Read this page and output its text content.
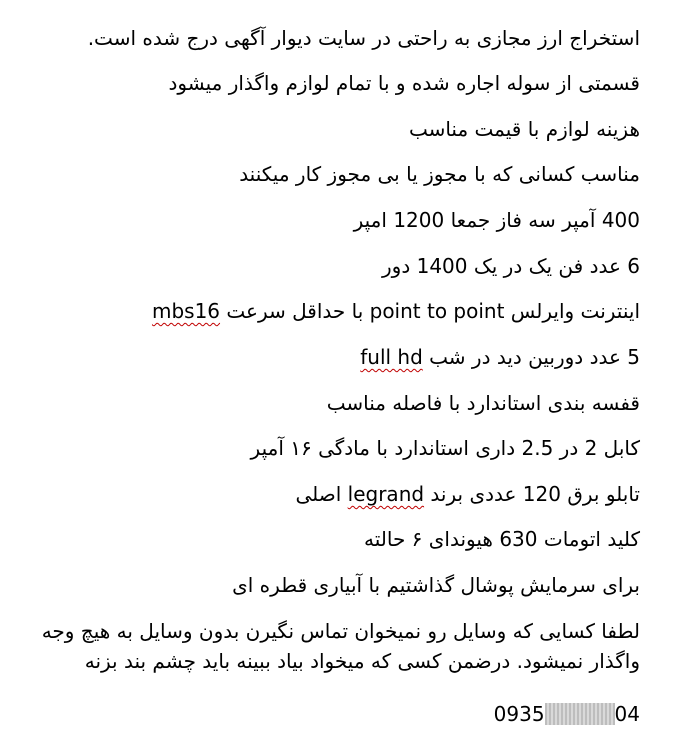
استخراج ارز مجازی به راحتی در سایت دیوار آگهی درج شده است.
قسمتی از سوله اجاره شده و با تمام لوازم واگذار میشود
هزینه لوازم با قیمت مناسب
مناسب کسانی که با مجوز یا بی مجوز کار میکنند
400 آمپر سه فاز جمعا 1200 امپر
6 عدد فن یک در یک 1400 دور
اینترنت وایرلس point to point با حداقل سرعت mbs16
5 عدد دوربین دید در شب full hd
قفسه بندی استاندارد با فاصله مناسب
کابل 2 در 2.5 داری استاندارد با مادگی ۱۶ آمپر
تابلو برق 120 عددی برند legrand اصلی
کلید اتومات 630 هیوندای ۶ حالته
برای سرمایش پوشال گذاشتیم با آبیاری قطره ای
لطفا کسایی که وسایل رو نمیخوان تماس نگیرن بدون وسایل به هیچ وجه واگذار نمیشود. درضمن کسی که میخواد بیاد ببینه باید چشم بند بزنه
0935	04
